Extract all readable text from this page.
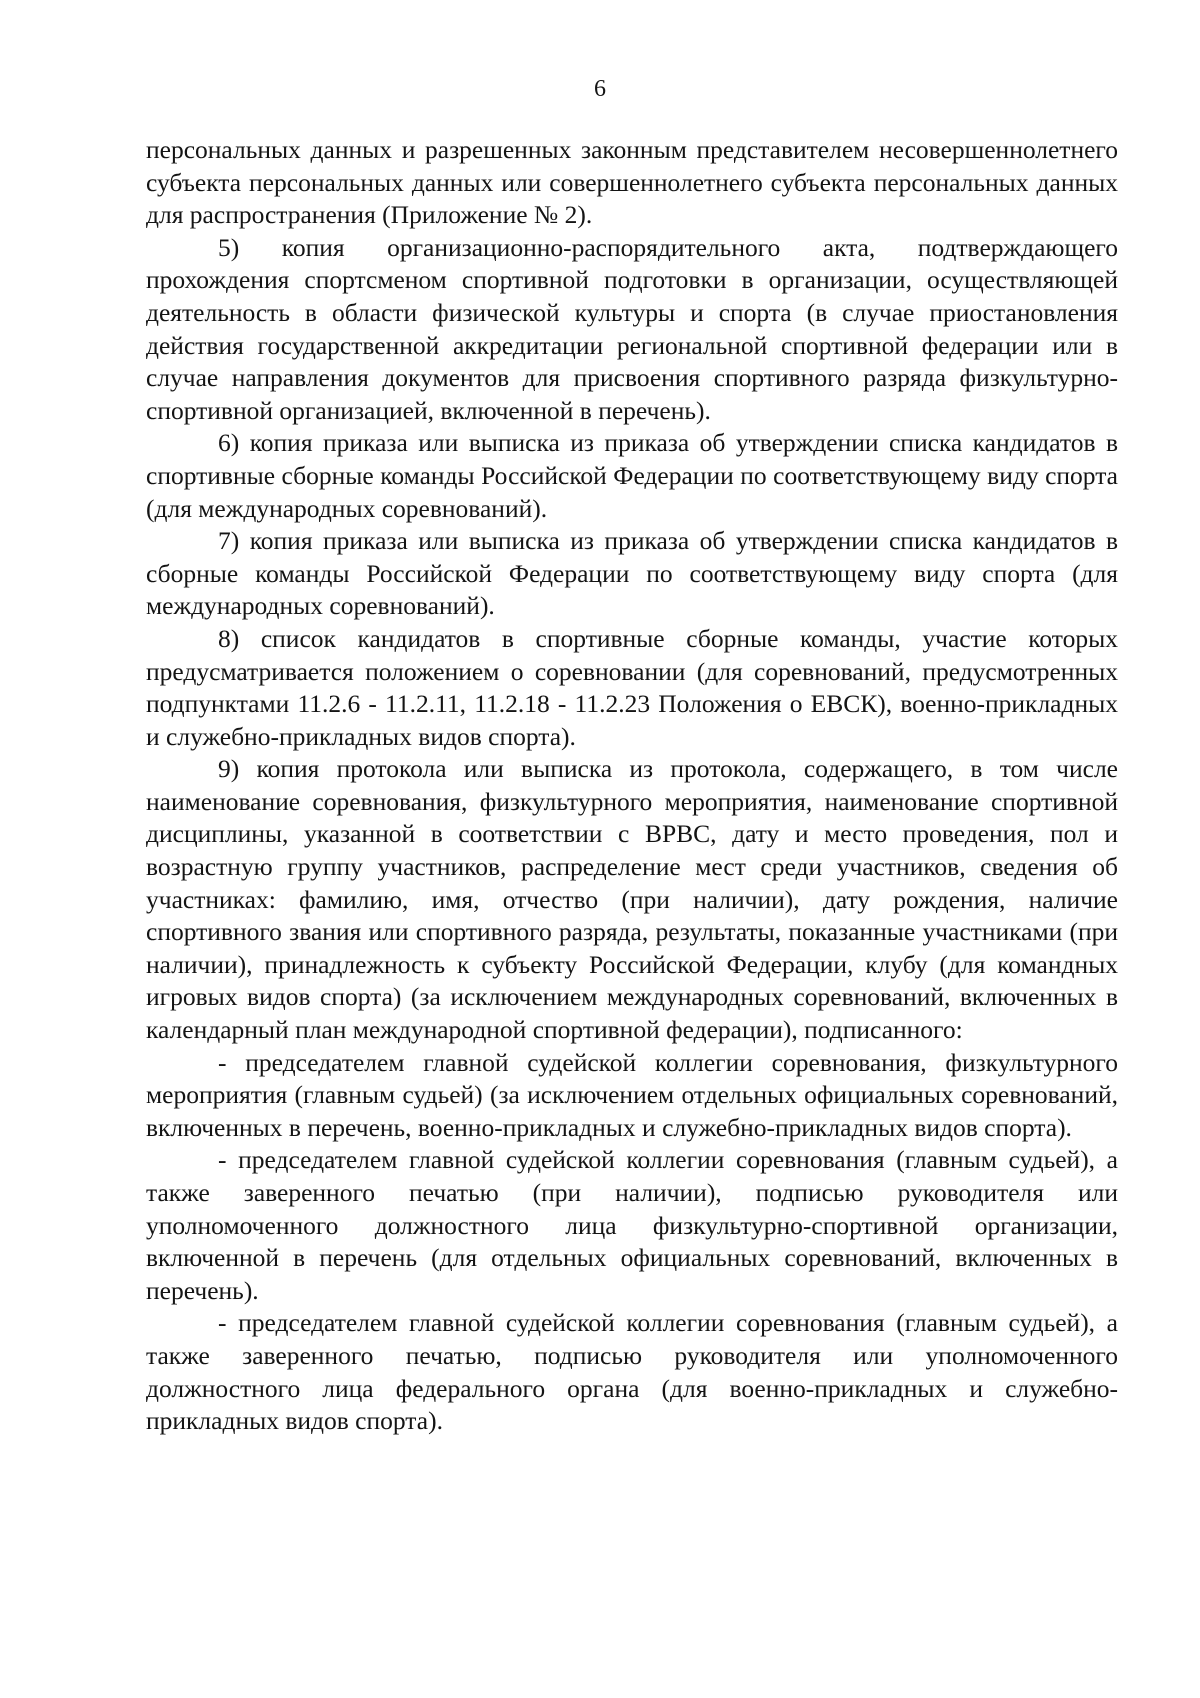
6

персональных данных и разрешенных законным представителем несовершеннолетнего субъекта персональных данных или совершеннолетнего субъекта персональных данных для распространения (Приложение № 2).

5) копия организационно-распорядительного акта, подтверждающего прохождения спортсменом спортивной подготовки в организации, осуществляющей деятельность в области физической культуры и спорта (в случае приостановления действия государственной аккредитации региональной спортивной федерации или в случае направления документов для присвоения спортивного разряда физкультурно-спортивной организацией, включенной в перечень).

6) копия приказа или выписка из приказа об утверждении списка кандидатов в спортивные сборные команды Российской Федерации по соответствующему виду спорта (для международных соревнований).

7) копия приказа или выписка из приказа об утверждении списка кандидатов в сборные команды Российской Федерации по соответствующему виду спорта (для международных соревнований).

8) список кандидатов в спортивные сборные команды, участие которых предусматривается положением о соревновании (для соревнований, предусмотренных подпунктами 11.2.6 - 11.2.11, 11.2.18 - 11.2.23 Положения о ЕВСК), военно-прикладных и служебно-прикладных видов спорта).

9) копия протокола или выписка из протокола, содержащего, в том числе наименование соревнования, физкультурного мероприятия, наименование спортивной дисциплины, указанной в соответствии с ВРВС, дату и место проведения, пол и возрастную группу участников, распределение мест среди участников, сведения об участниках: фамилию, имя, отчество (при наличии), дату рождения, наличие спортивного звания или спортивного разряда, результаты, показанные участниками (при наличии), принадлежность к субъекту Российской Федерации, клубу (для командных игровых видов спорта) (за исключением международных соревнований, включенных в календарный план международной спортивной федерации), подписанного:

- председателем главной судейской коллегии соревнования, физкультурного мероприятия (главным судьей) (за исключением отдельных официальных соревнований, включенных в перечень, военно-прикладных и служебно-прикладных видов спорта).

- председателем главной судейской коллегии соревнования (главным судьей), а также заверенного печатью (при наличии), подписью руководителя или уполномоченного должностного лица физкультурно-спортивной организации, включенной в перечень (для отдельных официальных соревнований, включенных в перечень).

- председателем главной судейской коллегии соревнования (главным судьей), а также заверенного печатью, подписью руководителя или уполномоченного должностного лица федерального органа (для военно-прикладных и служебно-прикладных видов спорта).
